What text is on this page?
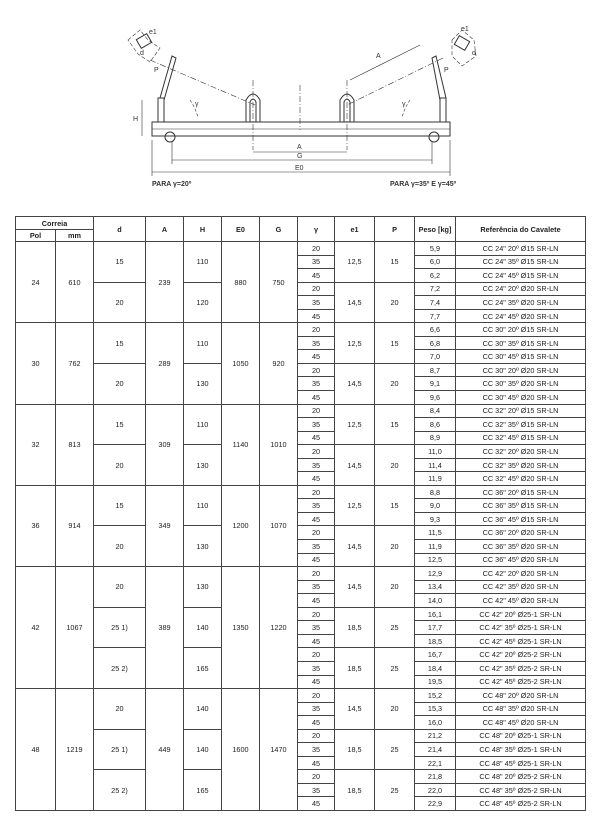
e1	e1
d	d
P	P
A
H
γ	γ
A
G
E0
PARA γ=20º	PARA γ=35º E γ=45º
Correia		d	A	H	E0	G	γ	e1	P	Peso [kg]	Referência do Cavalete
Pol	mm										
24	610	15	239	110	880	750	20	12,5	15	5,9	CC 24" 20º Ø15 SR-LN
							35			6,0	CC 24" 35º Ø15 SR-LN
							45			6,2	CC 24" 45º Ø15 SR-LN
		20		120			20	14,5	20	7,2	CC 24" 20º Ø20 SR-LN
							35			7,4	CC 24" 35º Ø20 SR-LN
							45			7,7	CC 24" 45º Ø20 SR-LN
30	762	15	289	110	1050	920	20	12,5	15	6,6	CC 30" 20º Ø15 SR-LN
							35			6,8	CC 30" 35º Ø15 SR-LN
							45			7,0	CC 30" 45º Ø15 SR-LN
		20		130			20	14,5	20	8,7	CC 30" 20º Ø20 SR-LN
							35			9,1	CC 30" 35º Ø20 SR-LN
							45			9,6	CC 30" 45º Ø20 SR-LN
32	813	15	309	110	1140	1010	20	12,5	15	8,4	CC 32" 20º Ø15 SR-LN
							35			8,6	CC 32" 35º Ø15 SR-LN
							45			8,9	CC 32" 45º Ø15 SR-LN
		20		130			20	14,5	20	11,0	CC 32" 20º Ø20 SR-LN
							35			11,4	CC 32" 35º Ø20 SR-LN
							45			11,9	CC 32" 45º Ø20 SR-LN
36	914	15	349	110	1200	1070	20	12,5	15	8,8	CC 36" 20º Ø15 SR-LN
							35			9,0	CC 36" 35º Ø15 SR-LN
							45			9,3	CC 36" 45º Ø15 SR-LN
		20		130			20	14,5	20	11,5	CC 36" 20º Ø20 SR-LN
							35			11,9	CC 36" 35º Ø20 SR-LN
							45			12,5	CC 36" 45º Ø20 SR-LN
42	1067	20	389	130	1350	1220	20	14,5	20	12,9	CC 42" 20º Ø20 SR-LN
							35			13,4	CC 42" 35º Ø20 SR-LN
							45			14,0	CC 42" 45º Ø20 SR-LN
		25 1)		140			20	18,5	25	16,1	CC 42" 20º Ø25-1 SR-LN
							35			17,7	CC 42" 35º Ø25-1 SR-LN
							45			18,5	CC 42" 45º Ø25-1 SR-LN
		25 2)		165			20	18,5	25	16,7	CC 42" 20º Ø25-2 SR-LN
							35			18,4	CC 42" 35º Ø25-2 SR-LN
							45			19,5	CC 42" 45º Ø25-2 SR-LN
48	1219	20	449	140	1600	1470	20	14,5	20	15,2	CC 48" 20º Ø20 SR-LN
							35			15,3	CC 48" 35º Ø20 SR-LN
							45			16,0	CC 48" 45º Ø20 SR-LN
		25 1)		140			20	18,5	25	21,2	CC 48" 20º Ø25-1 SR-LN
							35			21,4	CC 48" 35º Ø25-1 SR-LN
							45			22,1	CC 48" 45º Ø25-1 SR-LN
		25 2)		165			20	18,5	25	21,8	CC 48" 20º Ø25-2 SR-LN
							35			22,0	CC 48" 35º Ø25-2 SR-LN
							45			22,9	CC 48" 45º Ø25-2 SR-LN
